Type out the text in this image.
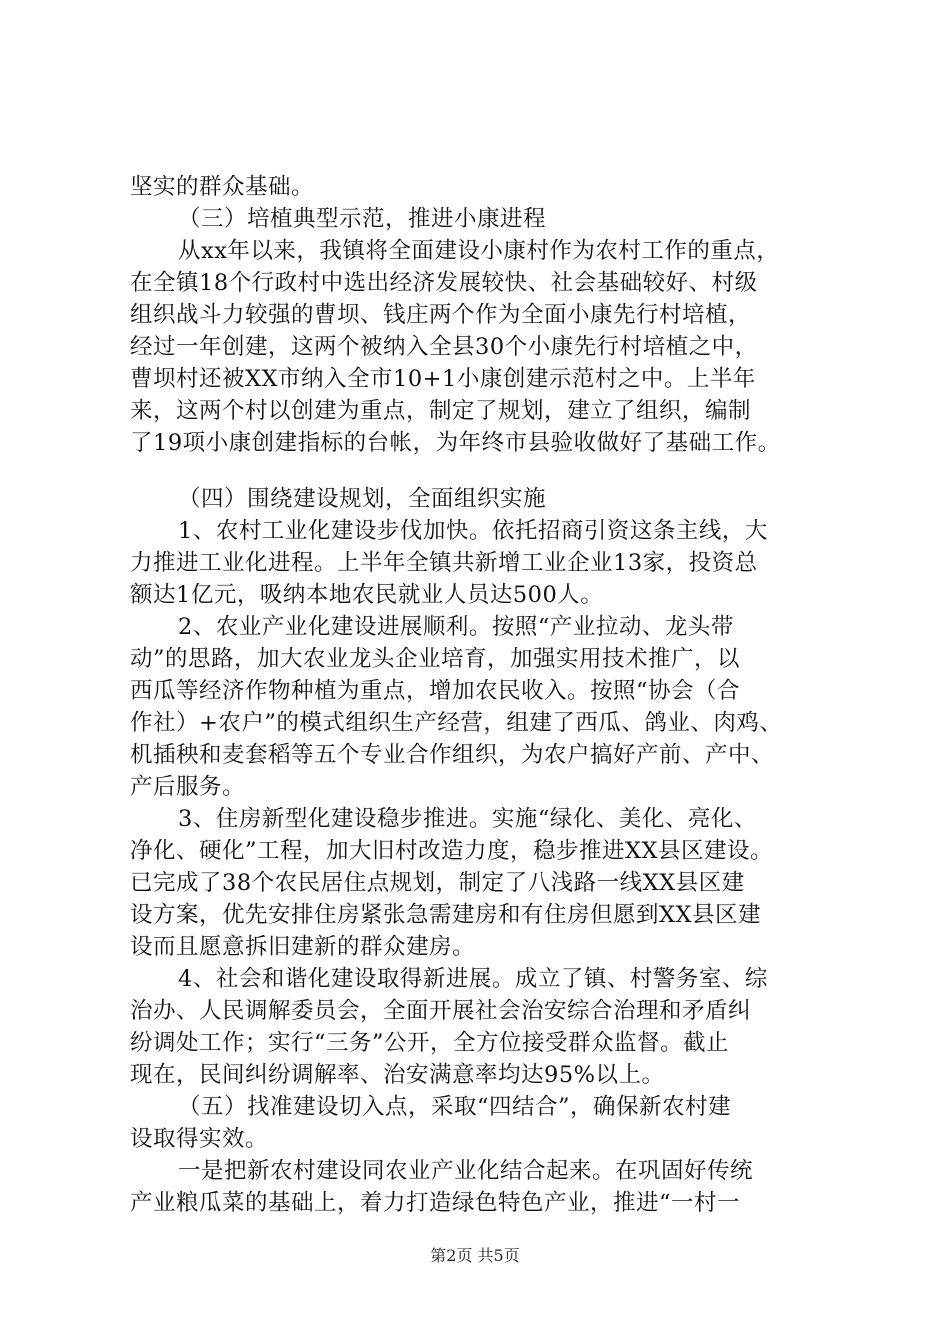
坚实的群众基础。
（三）培植典型示范，推进小康进程
从xx年以来，我镇将全面建设小康村作为农村工作的重点，
在全镇18个行政村中选出经济发展较快、社会基础较好、村级
组织战斗力较强的曹坝、钱庄两个作为全面小康先行村培植，
经过一年创建，这两个被纳入全县30个小康先行村培植之中，
曹坝村还被XX市纳入全市10+1小康创建示范村之中。上半年
来，这两个村以创建为重点，制定了规划，建立了组织，编制
了19项小康创建指标的台帐，为年终市县验收做好了基础工作。
（四）围绕建设规划，全面组织实施
1、农村工业化建设步伐加快。依托招商引资这条主线，大
力推进工业化进程。上半年全镇共新增工业企业13家，投资总
额达1亿元，吸纳本地农民就业人员达500人。
2、农业产业化建设进展顺利。按照“产业拉动、龙头带
动”的思路，加大农业龙头企业培育，加强实用技术推广，以
西瓜等经济作物种植为重点，增加农民收入。按照“协会（合
作社）+农户”的模式组织生产经营，组建了西瓜、鸽业、肉鸡、
机插秧和麦套稻等五个专业合作组织，为农户搞好产前、产中、
产后服务。
3、住房新型化建设稳步推进。实施“绿化、美化、亮化、
净化、硬化”工程，加大旧村改造力度，稳步推进XX县区建设。
已完成了38个农民居住点规划，制定了八浅路一线XX县区建
设方案，优先安排住房紧张急需建房和有住房但愿到XX县区建
设而且愿意拆旧建新的群众建房。
4、社会和谐化建设取得新进展。成立了镇、村警务室、综
治办、人民调解委员会，全面开展社会治安综合治理和矛盾纠
纷调处工作；实行“三务”公开，全方位接受群众监督。截止
现在，民间纠纷调解率、治安满意率均达95%以上。
（五）找准建设切入点，采取“四结合”，确保新农村建
设取得实效。
一是把新农村建设同农业产业化结合起来。在巩固好传统
产业粮瓜菜的基础上，着力打造绿色特色产业，推进“一村一
第2页 共5页
